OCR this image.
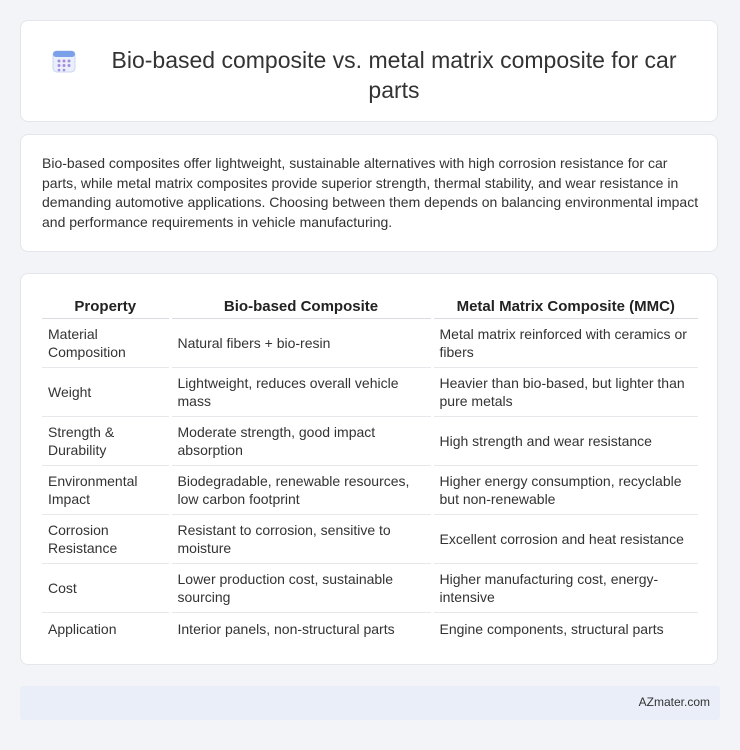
Bio-based composite vs. metal matrix composite for car parts
Bio-based composites offer lightweight, sustainable alternatives with high corrosion resistance for car parts, while metal matrix composites provide superior strength, thermal stability, and wear resistance in demanding automotive applications. Choosing between them depends on balancing environmental impact and performance requirements in vehicle manufacturing.
Property	Bio-based Composite	Metal Matrix Composite (MMC)
Material Composition	Natural fibers + bio-resin	Metal matrix reinforced with ceramics or fibers
Weight	Lightweight, reduces overall vehicle mass	Heavier than bio-based, but lighter than pure metals
Strength & Durability	Moderate strength, good impact absorption	High strength and wear resistance
Environmental Impact	Biodegradable, renewable resources, low carbon footprint	Higher energy consumption, recyclable but non-renewable
Corrosion Resistance	Resistant to corrosion, sensitive to moisture	Excellent corrosion and heat resistance
Cost	Lower production cost, sustainable sourcing	Higher manufacturing cost, energy-intensive
Application	Interior panels, non-structural parts	Engine components, structural parts
AZmater.com
